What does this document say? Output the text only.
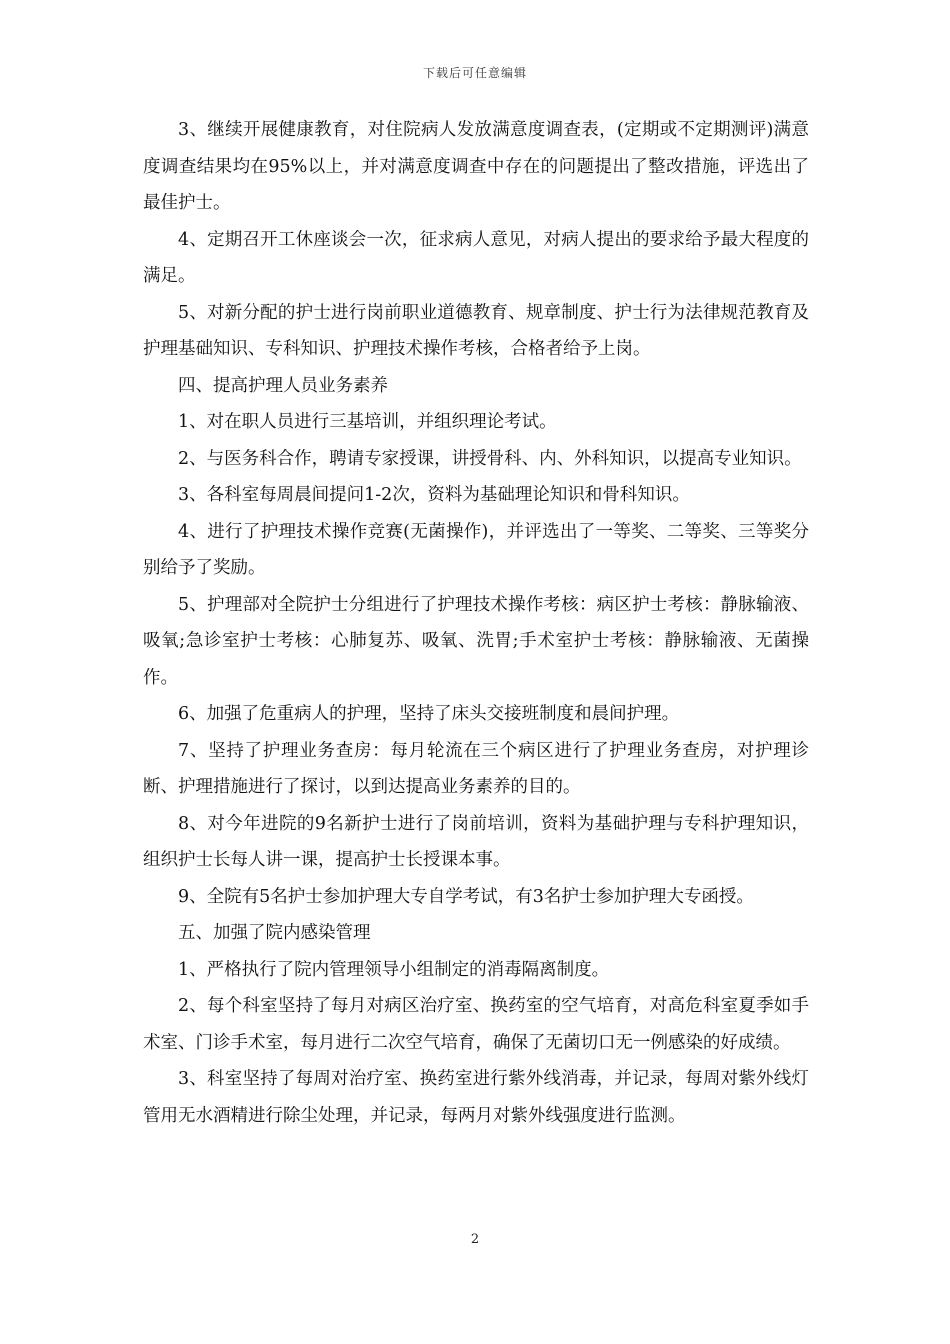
下载后可任意编辑

3、继续开展健康教育，对住院病人发放满意度调查表，(定期或不定期测评)满意度调查结果均在95%以上，并对满意度调查中存在的问题提出了整改措施，评选出了最佳护士。

4、定期召开工休座谈会一次，征求病人意见，对病人提出的要求给予最大程度的满足。

5、对新分配的护士进行岗前职业道德教育、规章制度、护士行为法律规范教育及护理基础知识、专科知识、护理技术操作考核，合格者给予上岗。

四、提高护理人员业务素养

1、对在职人员进行三基培训，并组织理论考试。

2、与医务科合作，聘请专家授课，讲授骨科、内、外科知识，以提高专业知识。

3、各科室每周晨间提问1-2次，资料为基础理论知识和骨科知识。

4、进行了护理技术操作竞赛(无菌操作)，并评选出了一等奖、二等奖、三等奖分别给予了奖励。

5、护理部对全院护士分组进行了护理技术操作考核：病区护士考核：静脉输液、吸氧;急诊室护士考核：心肺复苏、吸氧、洗胃;手术室护士考核：静脉输液、无菌操作。

6、加强了危重病人的护理，坚持了床头交接班制度和晨间护理。

7、坚持了护理业务查房：每月轮流在三个病区进行了护理业务查房，对护理诊断、护理措施进行了探讨，以到达提高业务素养的目的。

8、对今年进院的9名新护士进行了岗前培训，资料为基础护理与专科护理知识，组织护士长每人讲一课，提高护士长授课本事。

9、全院有5名护士参加护理大专自学考试，有3名护士参加护理大专函授。

五、加强了院内感染管理

1、严格执行了院内管理领导小组制定的消毒隔离制度。

2、每个科室坚持了每月对病区治疗室、换药室的空气培育，对高危科室夏季如手术室、门诊手术室，每月进行二次空气培育，确保了无菌切口无一例感染的好成绩。

3、科室坚持了每周对治疗室、换药室进行紫外线消毒，并记录，每周对紫外线灯管用无水酒精进行除尘处理，并记录，每两月对紫外线强度进行监测。

2
